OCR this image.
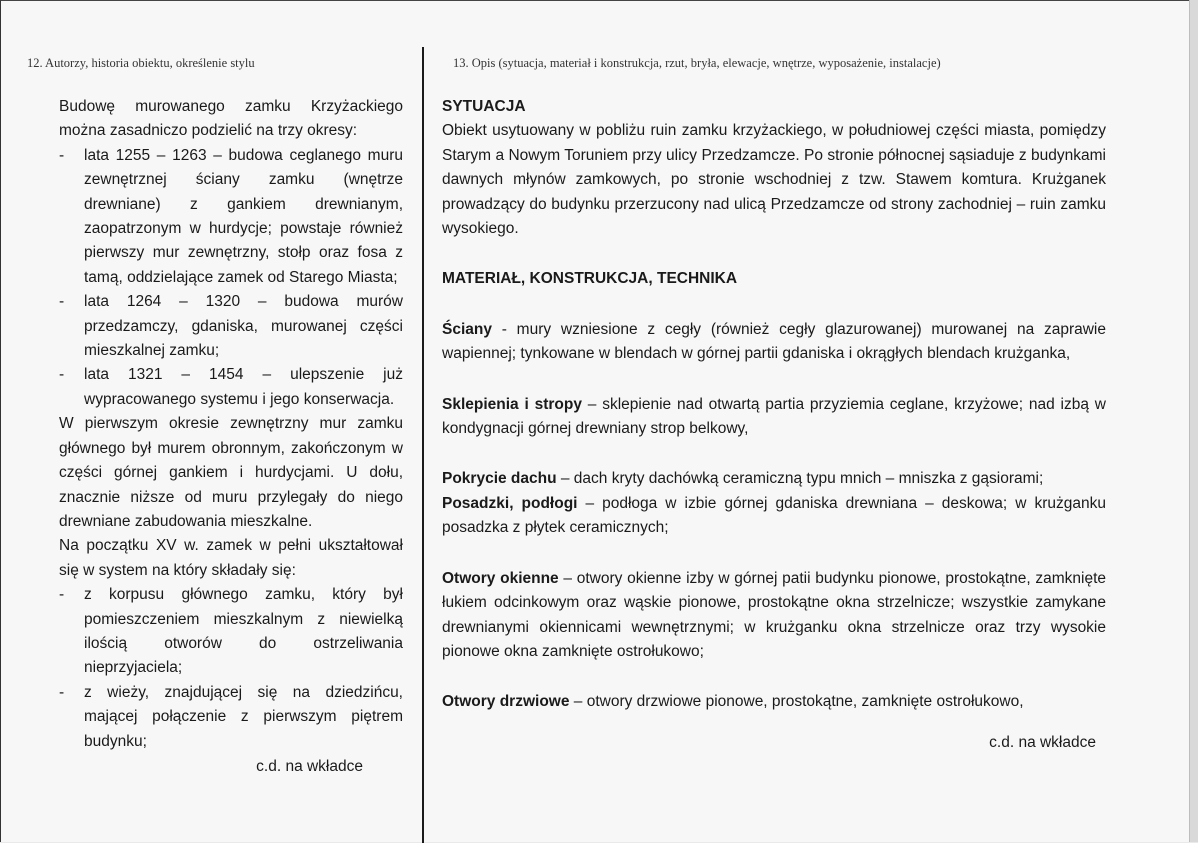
12. Autorzy, historia obiektu, określenie stylu	13. Opis (sytuacja, materiał i konstrukcja, rzut, bryła, elewacje, wnętrze, wyposażenie, instalacje)

Budowę murowanego zamku Krzyżackiego można zasadniczo podzielić na trzy okresy:

- lata 1255 – 1263 – budowa ceglanego muru zewnętrznej ściany zamku (wnętrze drewniane) z gankiem drewnianym, zaopatrzonym w hurdycje; powstaje również pierwszy mur zewnętrzny, stołp oraz fosa z tamą, oddzielające zamek od Starego Miasta;
- lata 1264 – 1320 – budowa murów przedzamczy, gdaniska, murowanej części mieszkalnej zamku;
- lata 1321 – 1454 – ulepszenie już wypracowanego systemu i jego konserwacja.

W pierwszym okresie zewnętrzny mur zamku głównego był murem obronnym, zakończonym w części górnej gankiem i hurdycjami. U dołu, znacznie niższe od muru przylegały do niego drewniane zabudowania mieszkalne.

Na początku XV w. zamek w pełni ukształtował się w system na który składały się:

- z korpusu głównego zamku, który był pomieszczeniem mieszkalnym z niewielką ilością otworów do ostrzeliwania nieprzyjaciela;
- z wieży, znajdującej się na dziedzińcu, mającej połączenie z pierwszym piętrem budynku;
c.d. na wkładce

SYTUACJA

Obiekt usytuowany w pobliżu ruin zamku krzyżackiego, w południowej części miasta, pomiędzy Starym a Nowym Toruniem przy ulicy Przedzamcze. Po stronie północnej sąsiaduje z budynkami dawnych młynów zamkowych, po stronie wschodniej z tzw. Stawem komtura. Krużganek prowadzący do budynku przerzucony nad ulicą Przedzamcze od strony zachodniej – ruin zamku wysokiego.

MATERIAŁ, KONSTRUKCJA, TECHNIKA

Ściany - mury wzniesione z cegły (również cegły glazurowanej) murowanej na zaprawie wapiennej; tynkowane w blendach w górnej partii gdaniska i okrągłych blendach krużganka,

Sklepienia i stropy – sklepienie nad otwartą partia przyziemia ceglane, krzyżowe; nad izbą w kondygnacji górnej drewniany strop belkowy,

Pokrycie dachu – dach kryty dachówką ceramiczną typu mnich – mniszka z gąsiorami;

Posadzki, podłogi – podłoga w izbie górnej gdaniska drewniana – deskowa; w krużganku posadzka z płytek ceramicznych;

Otwory okienne – otwory okienne izby w górnej patii budynku pionowe, prostokątne, zamknięte łukiem odcinkowym oraz wąskie pionowe, prostokątne okna strzelnicze; wszystkie zamykane drewnianymi okiennicami wewnętrznymi; w krużganku okna strzelnicze oraz trzy wysokie pionowe okna zamknięte ostrołukowo;

Otwory drzwiowe – otwory drzwiowe pionowe, prostokątne, zamknięte ostrołukowo,

c.d. na wkładce
